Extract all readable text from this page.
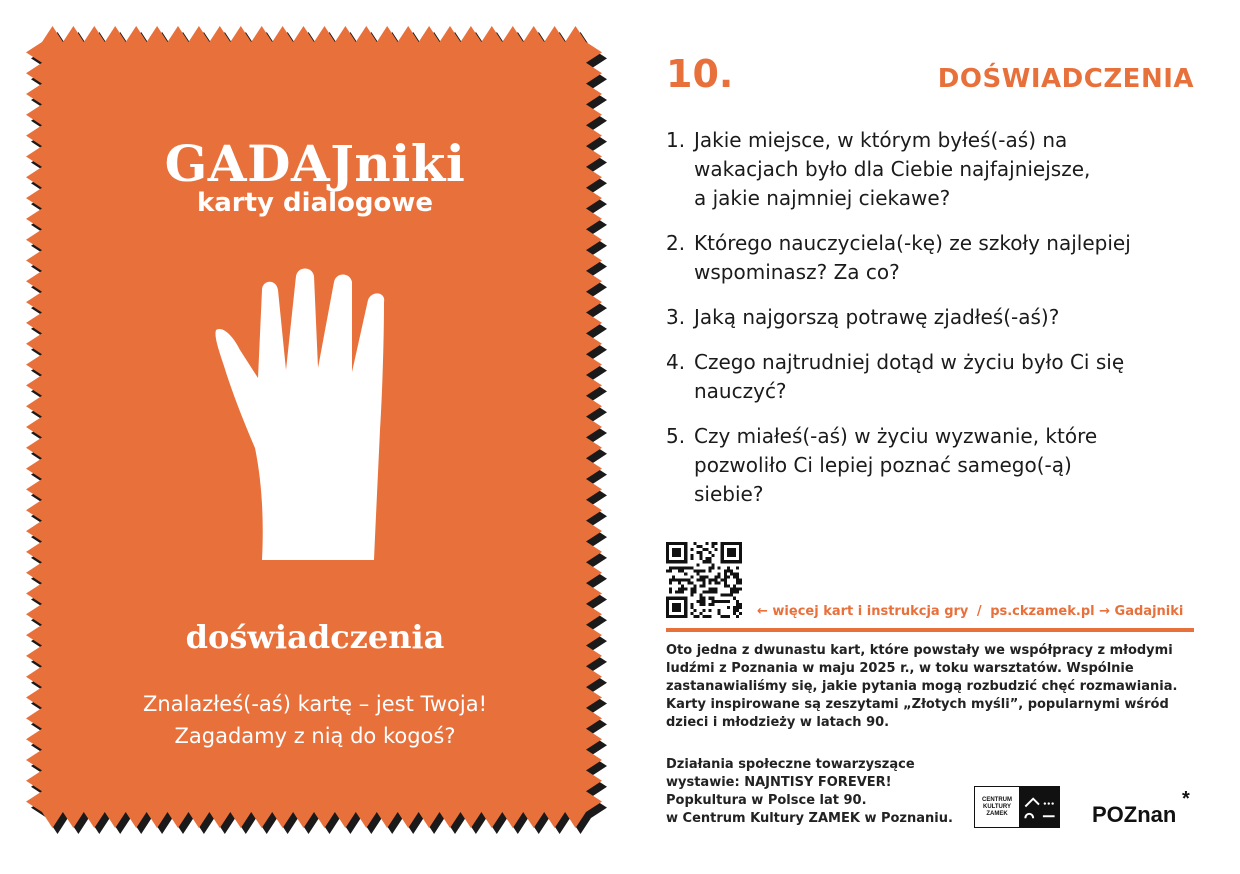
GADAJniki
karty dialogowe
doświadczenia
Znalazłeś(-aś) kartę – jest Twoja!
Zagadamy z nią do kogoś?
10.	DOŚWIADCZENIA
1. Jakie miejsce, w którym byłeś(-aś) na
wakacjach było dla Ciebie najfajniejsze,
a jakie najmniej ciekawe?
2. Którego nauczyciela(-kę) ze szkoły najlepiej
wspominasz? Za co?
3. Jaką najgorszą potrawę zjadłeś(-aś)?
4. Czego najtrudniej dotąd w życiu było Ci się
nauczyć?
5. Czy miałeś(-aś) w życiu wyzwanie, które
pozwoliło Ci lepiej poznać samego(-ą)
siebie?
← więcej kart i instrukcja gry / ps.ckzamek.pl → Gadajniki
Oto jedna z dwunastu kart, które powstały we współpracy z młodymi
ludźmi z Poznania w maju 2025 r., w toku warsztatów. Wspólnie
zastanawialiśmy się, jakie pytania mogą rozbudzić chęć rozmawiania.
Karty inspirowane są zeszytami „Złotych myśli”, popularnymi wśród
dzieci i młodzieży w latach 90.
Działania społeczne towarzyszące
wystawie: NAJNTISY FOREVER!
Popkultura w Polsce lat 90.
w Centrum Kultury ZAMEK w Poznaniu.
CENTRUM
KULTURY
ZAMEK	POZnan
*
